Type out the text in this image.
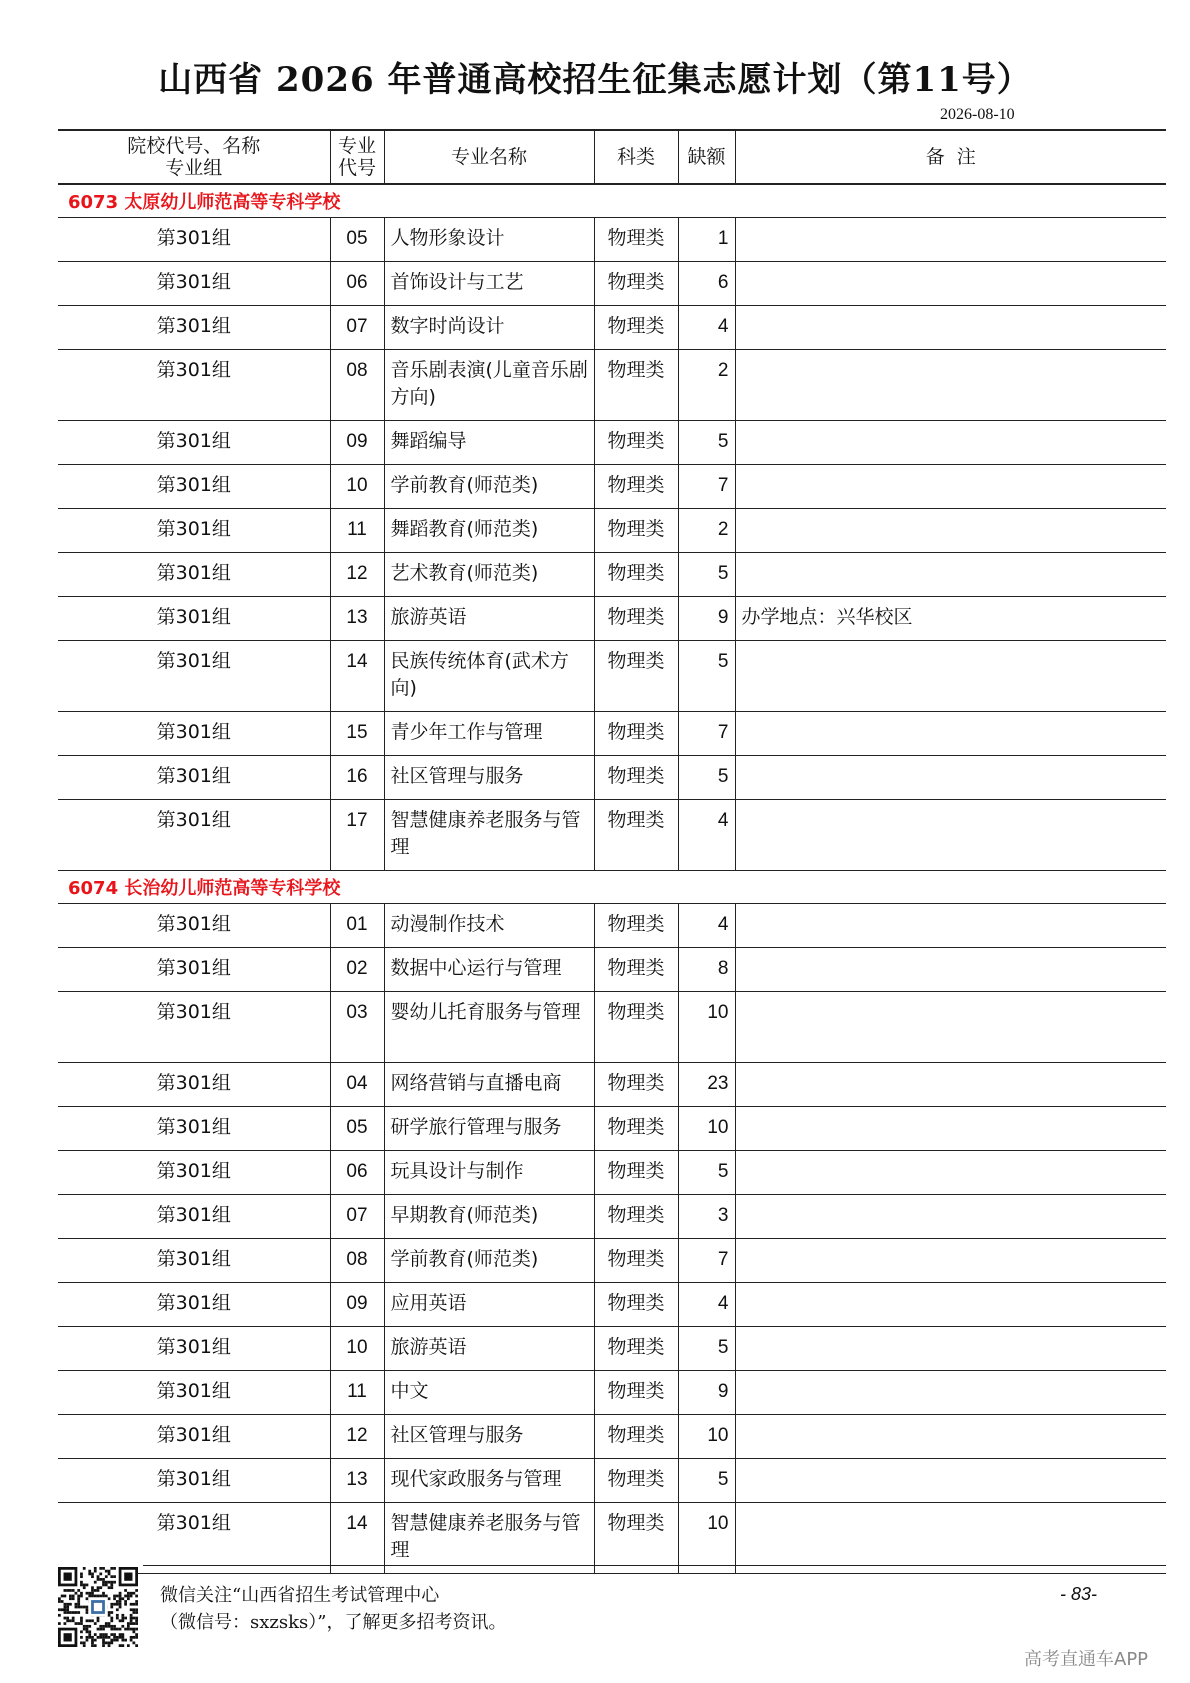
山西省 2026 年普通高校招生征集志愿计划（第11号）
2026-08-10
院校代号、名称
专业组	专业
代号	专业名称	科类	缺额	备  注
6073 太原幼儿师范高等专科学校					
第301组	05	人物形象设计	物理类	1	
第301组	06	首饰设计与工艺	物理类	6	
第301组	07	数字时尚设计	物理类	4	
第301组	08	音乐剧表演(儿童音乐剧方向)	物理类	2	
第301组	09	舞蹈编导	物理类	5	
第301组	10	学前教育(师范类)	物理类	7	
第301组	11	舞蹈教育(师范类)	物理类	2	
第301组	12	艺术教育(师范类)	物理类	5	
第301组	13	旅游英语	物理类	9	办学地点：兴华校区
第301组	14	民族传统体育(武术方向)	物理类	5	
第301组	15	青少年工作与管理	物理类	7	
第301组	16	社区管理与服务	物理类	5	
第301组	17	智慧健康养老服务与管理	物理类	4	
6074 长治幼儿师范高等专科学校					
第301组	01	动漫制作技术	物理类	4	
第301组	02	数据中心运行与管理	物理类	8	
第301组	03	婴幼儿托育服务与管理	物理类	10	
第301组	04	网络营销与直播电商	物理类	23	
第301组	05	研学旅行管理与服务	物理类	10	
第301组	06	玩具设计与制作	物理类	5	
第301组	07	早期教育(师范类)	物理类	3	
第301组	08	学前教育(师范类)	物理类	7	
第301组	09	应用英语	物理类	4	
第301组	10	旅游英语	物理类	5	
第301组	11	中文	物理类	9	
第301组	12	社区管理与服务	物理类	10	
第301组	13	现代家政服务与管理	物理类	5	
第301组	14	智慧健康养老服务与管理	物理类	10	
微信关注“山西省招生考试管理中心
（微信号：sxzsks）”，了解更多招考资讯。
- 83-
高考直通车APP
